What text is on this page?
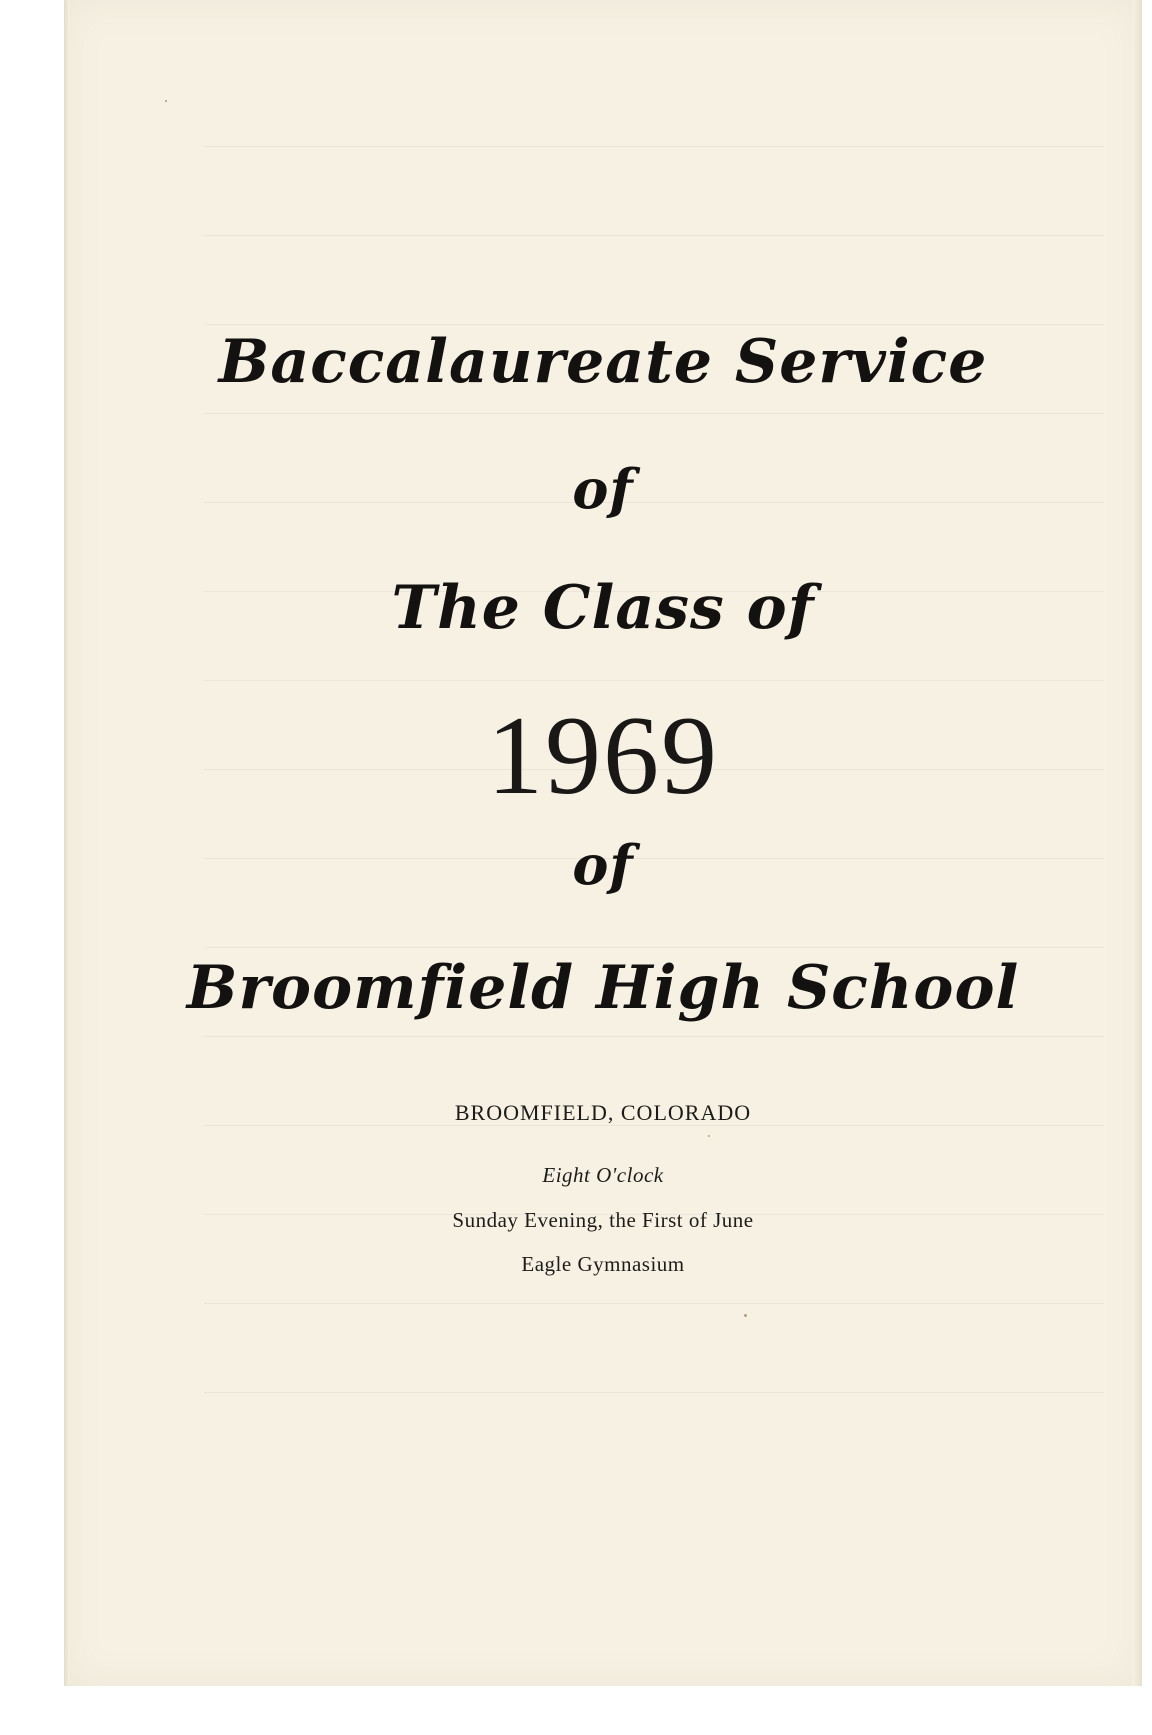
Baccalaureate Service
of
The Class of
1969
of
Broomfield High School
BROOMFIELD, COLORADO
Eight O'clock
Sunday Evening, the First of June
Eagle Gymnasium
